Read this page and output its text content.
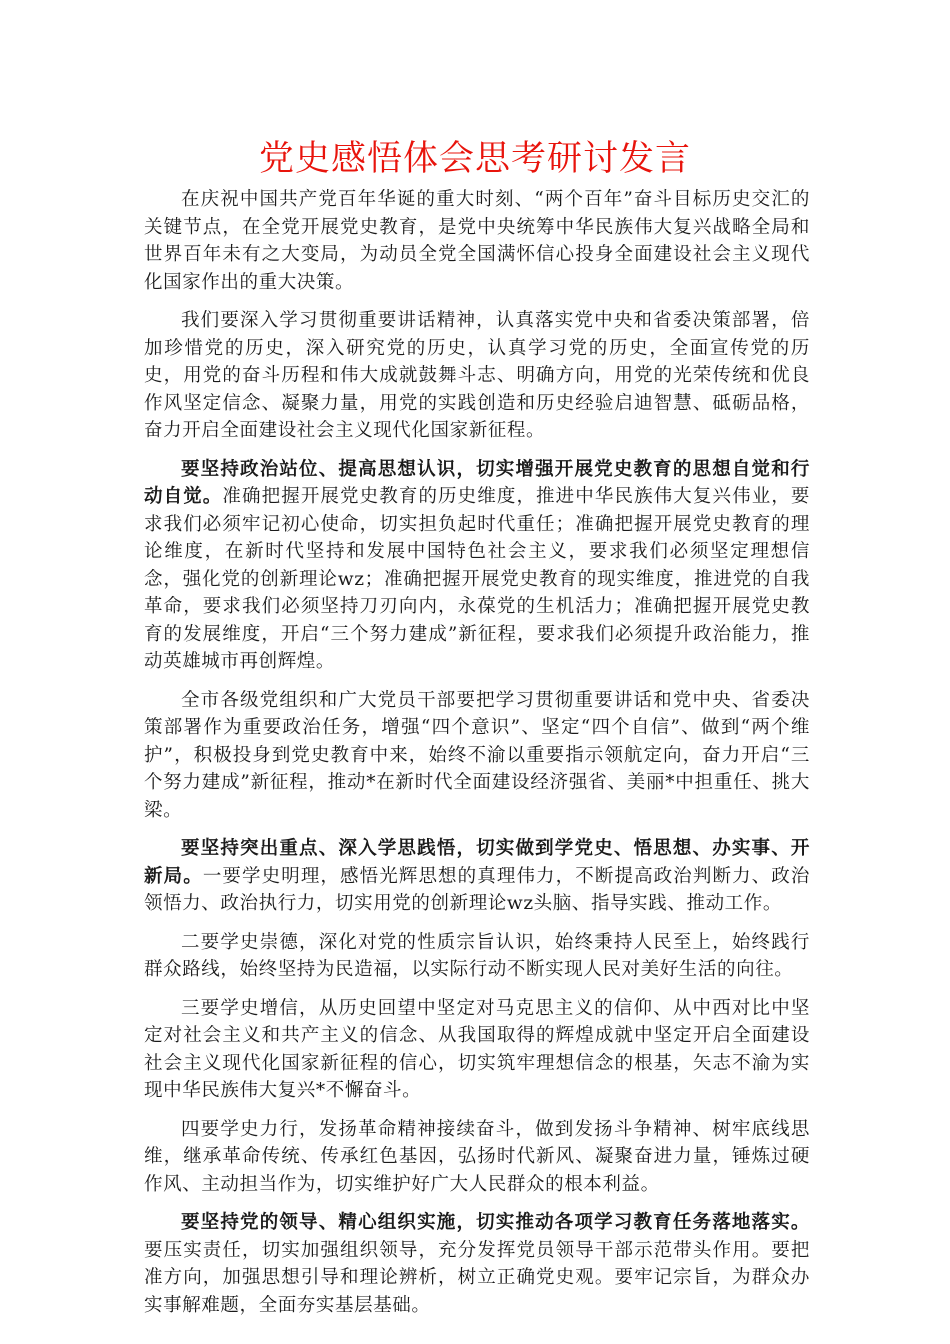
党史感悟体会思考研讨发言

在庆祝中国共产党百年华诞的重大时刻、“两个百年”奋斗目标历史交汇的关键节点，在全党开展党史教育，是党中央统筹中华民族伟大复兴战略全局和世界百年未有之大变局，为动员全党全国满怀信心投身全面建设社会主义现代化国家作出的重大决策。

我们要深入学习贯彻重要讲话精神，认真落实党中央和省委决策部署，倍加珍惜党的历史，深入研究党的历史，认真学习党的历史，全面宣传党的历史，用党的奋斗历程和伟大成就鼓舞斗志、明确方向，用党的光荣传统和优良作风坚定信念、凝聚力量，用党的实践创造和历史经验启迪智慧、砥砺品格，奋力开启全面建设社会主义现代化国家新征程。

要坚持政治站位、提高思想认识，切实增强开展党史教育的思想自觉和行动自觉。准确把握开展党史教育的历史维度，推进中华民族伟大复兴伟业，要求我们必须牢记初心使命，切实担负起时代重任；准确把握开展党史教育的理论维度，在新时代坚持和发展中国特色社会主义，要求我们必须坚定理想信念，强化党的创新理论wz；准确把握开展党史教育的现实维度，推进党的自我革命，要求我们必须坚持刀刃向内，永葆党的生机活力；准确把握开展党史教育的发展维度，开启“三个努力建成”新征程，要求我们必须提升政治能力，推动英雄城市再创辉煌。

全市各级党组织和广大党员干部要把学习贯彻重要讲话和党中央、省委决策部署作为重要政治任务，增强“四个意识”、坚定“四个自信”、做到“两个维护”，积极投身到党史教育中来，始终不渝以重要指示领航定向，奋力开启“三个努力建成”新征程，推动*在新时代全面建设经济强省、美丽*中担重任、挑大梁。

要坚持突出重点、深入学思践悟，切实做到学党史、悟思想、办实事、开新局。一要学史明理，感悟光辉思想的真理伟力，不断提高政治判断力、政治领悟力、政治执行力，切实用党的创新理论wz头脑、指导实践、推动工作。

二要学史崇德，深化对党的性质宗旨认识，始终秉持人民至上，始终践行群众路线，始终坚持为民造福，以实际行动不断实现人民对美好生活的向往。

三要学史增信，从历史回望中坚定对马克思主义的信仰、从中西对比中坚定对社会主义和共产主义的信念、从我国取得的辉煌成就中坚定开启全面建设社会主义现代化国家新征程的信心，切实筑牢理想信念的根基，矢志不渝为实现中华民族伟大复兴*不懈奋斗。

四要学史力行，发扬革命精神接续奋斗，做到发扬斗争精神、树牢底线思维，继承革命传统、传承红色基因，弘扬时代新风、凝聚奋进力量，锤炼过硬作风、主动担当作为，切实维护好广大人民群众的根本利益。

要坚持党的领导、精心组织实施，切实推动各项学习教育任务落地落实。要压实责任，切实加强组织领导，充分发挥党员领导干部示范带头作用。要把准方向，加强思想引导和理论辨析，树立正确党史观。要牢记宗旨，为群众办实事解难题，全面夯实基层基础。
